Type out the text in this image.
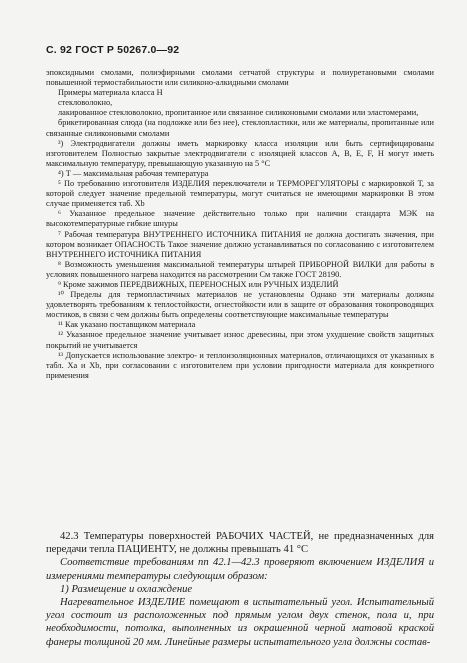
С. 92 ГОСТ Р 50267.0—92

эпоксидными смолами, полиэфирными смолами сетчатой структуры и полиуретановыми смолами повышенной термостабильности или силиконо-алкидными смолами

Примеры материала класса Н

стекловолокно,

лакированное стекловолокно, пропитанное или связанное силиконовыми смолами или эластомерами,

брикетированная слюда (на подложке или без нее), стеклопластики, или же материалы, пропитанные или связанные силиконовыми смолами

³) Электродвигатели должны иметь маркировку класса изоляции или быть сертифицированы изготовителем Полностью закрытые электродвигатели с изоляцией классов А, В, Е, F, Н могут иметь максимальную температуру, превышающую указанную на 5 °С

⁴) Т — максимальная рабочая температура

⁵ По требованию изготовителя ИЗДЕЛИЯ переключатели и ТЕРМОРЕГУЛЯТОРЫ с маркировкой Т, за которой следует значение предельной температуры, могут считаться не имеющими маркировки В этом случае применяется таб. Xb

⁶ Указанное предельное значение действительно только при наличии стандарта МЭК на высокотемпературные гибкие шнуры

⁷ Рабочая температура ВНУТРЕННЕГО ИСТОЧНИКА ПИТАНИЯ не должна достигать значения, при котором возникает ОПАСНОСТЬ Такое значение должно устанавливаться по согласованию с изготовителем ВНУТРЕННЕГО ИСТОЧНИКА ПИТАНИЯ

⁸ Возможность уменьшения максимальной температуры штырей ПРИБОРНОЙ ВИЛКИ для работы в условиях повышенного нагрева находится на рассмотрении См также ГОСТ 28190.

⁹ Кроме зажимов ПЕРЕДВИЖНЫХ, ПЕРЕНОСНЫХ или РУЧНЫХ ИЗДЕЛИЙ

¹⁰ Пределы для термопластичных материалов не установлены Однако эти материалы должны удовлетворять требованиям к теплостойкости, огнестойкости или в защите от образования токопроводящих мостиков, в связи с чем должны быть определены соответствующие максимальные температуры

¹¹ Как указано поставщиком материала

¹² Указанное предельное значение учитывает износ древесины, при этом ухудшение свойств защитных покрытий не учитывается

¹³ Допускается использование электро- и теплоизоляционных материалов, отличающихся от указанных в табл. Ха и Xb, при согласовании с изготовителем при условии пригодности материала для конкретного применения

42.3 Температуры поверхностей РАБОЧИХ ЧАСТЕЙ, не предназначенных для передачи тепла ПАЦИЕНТУ, не должны превышать 41 °С

Соответствие требованиям пп 42.1—42.3 проверяют включением ИЗДЕЛИЯ и измерениями температуры следующим образом:

1) Размещение и охлаждение

Нагревательное ИЗДЕЛИЕ помещают в испытательный угол. Испытательный угол состоит из расположенных под прямым углом двух стенок, пола и, при необходимости, потолка, выполненных из окрашенной черной матовой краской фанеры толщиной 20 мм. Линейные размеры испытательного угла должны состав-
